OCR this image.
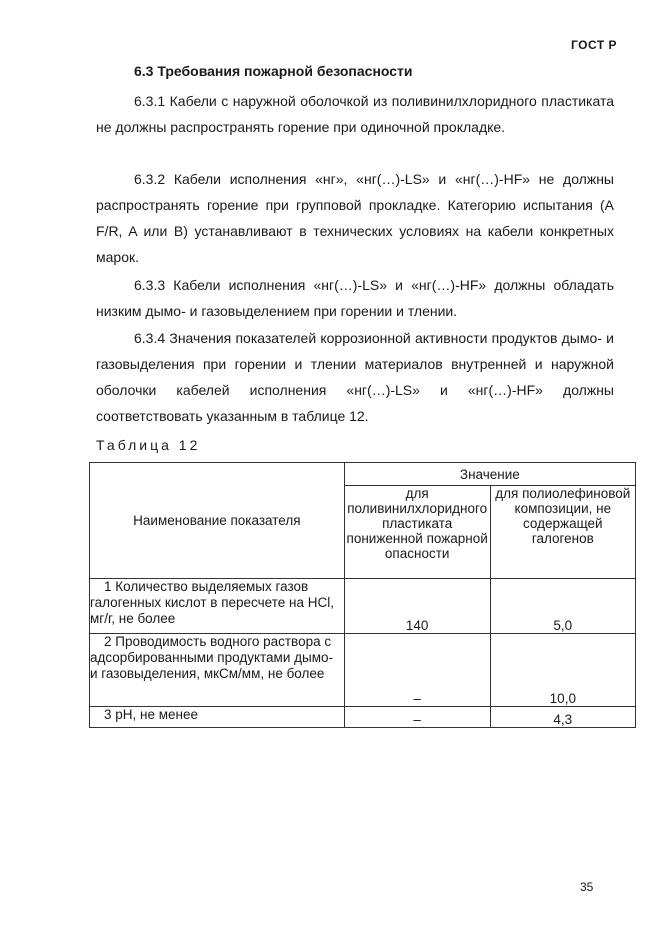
ГОСТ Р
6.3 Требования пожарной безопасности

6.3.1 Кабели с наружной оболочкой из поливинилхлоридного пластиката не должны распространять горение при одиночной прокладке.

6.3.2 Кабели исполнения «нг», «нг(…)-LS» и «нг(…)-HF» не должны распространять горение при групповой прокладке. Категорию испытания (A F/R, A или B) устанавливают в технических условиях на кабели конкретных марок.

6.3.3 Кабели исполнения «нг(…)-LS» и «нг(…)-HF» должны обладать низким дымо- и газовыделением при горении и тлении.

6.3.4 Значения показателей коррозионной активности продуктов дымо- и газовыделения при горении и тлении материалов внутренней и наружной оболочки кабелей исполнения «нг(…)-LS» и «нг(…)-HF» должны соответствовать указанным в таблице 12.

Таблица 12
Наименование показателя	Значение	
	для поливинилхлоридного пластиката пониженной пожарной опасности	для полиолефиновой композиции, не содержащей галогенов
1 Количество выделяемых газов галогенных кислот в пересчете на HCl, мг/г, не более	140	5,0
2 Проводимость водного раствора с адсорбированными продуктами дымо- и газовыделения, мкСм/мм, не более	–	10,0
3 pH, не менее	–	4,3
35
